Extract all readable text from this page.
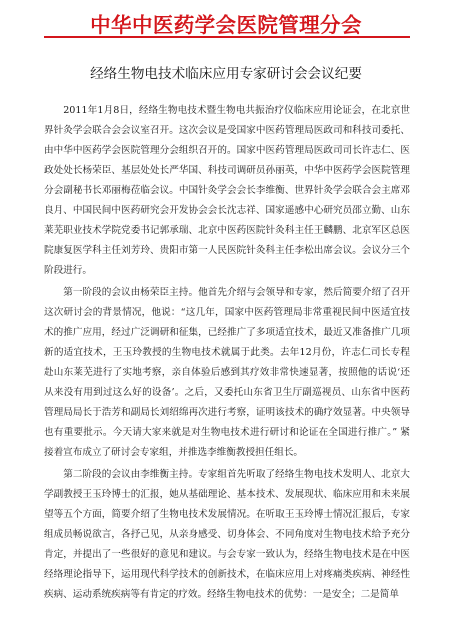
中华中医药学会医院管理分会
经络生物电技术临床应用专家研讨会会议纪要

2011年1月8日，经络生物电技术暨生物电共振治疗仪临床应用论证会，在北京世界针灸学会联合会会议室召开。这次会议是受国家中医药管理局医政司和科技司委托、由中华中医药学会医院管理分会组织召开的。国家中医药管理局医政司司长许志仁、医政处处长杨荣臣、基层处处长严华国、科技司调研员孙丽英，中华中医药学会医院管理分会副秘书长邓丽梅莅临会议。中国针灸学会会长李维衡、世界针灸学会联合会主席邓良月、中国民间中医药研究会开发协会会长沈志祥、国家遥感中心研究员邵立勤、山东莱芜职业技术学院党委书记郭承瑞、北京中医药医院针灸科主任王麟鹏、北京军区总医院康复医学科主任刘芳玲、贵阳市第一人民医院针灸科主任李松出席会议。会议分三个阶段进行。

第一阶段的会议由杨荣臣主持。他首先介绍与会领导和专家，然后简要介绍了召开这次研讨会的背景情况，他说：“这几年，国家中医药管理局非常重视民间中医适宜技术的推广应用，经过广泛调研和征集，已经推广了多项适宜技术，最近又准备推广几项新的适宜技术，王玉玲教授的生物电技术就属于此类。去年12月份，许志仁司长专程赴山东莱芜进行了实地考察，亲自体验后感到其疗效非常快速显著，按照他的话说‘还从来没有用到过这么好的设备’。之后，又委托山东省卫生厅副巡视员、山东省中医药管理局局长于浩芳和副局长刘绍绵再次进行考察，证明该技术的确疗效显著。中央领导也有重要批示。今天请大家来就是对生物电技术进行研讨和论证在全国进行推广。” 紧接着宣布成立了研讨会专家组，并推选李维衡教授担任组长。

第二阶段的会议由李维衡主持。专家组首先听取了经络生物电技术发明人、北京大学副教授王玉玲博士的汇报，她从基础理论、基本技术、发展现状、临床应用和未来展望等五个方面，简要介绍了生物电技术发展情况。在听取王玉玲博士情况汇报后，专家组成员畅说欲言，各抒己见，从亲身感受、切身体会、不同角度对生物电技术给予充分肯定，并提出了一些很好的意见和建议。与会专家一致认为，经络生物电技术是在中医经络理论指导下，运用现代科学技术的创新技术，在临床应用上对疼痛类疾病、神经性疾病、运动系统疾病等有肯定的疗效。经络生物电技术的优势：一是安全；二是简单
